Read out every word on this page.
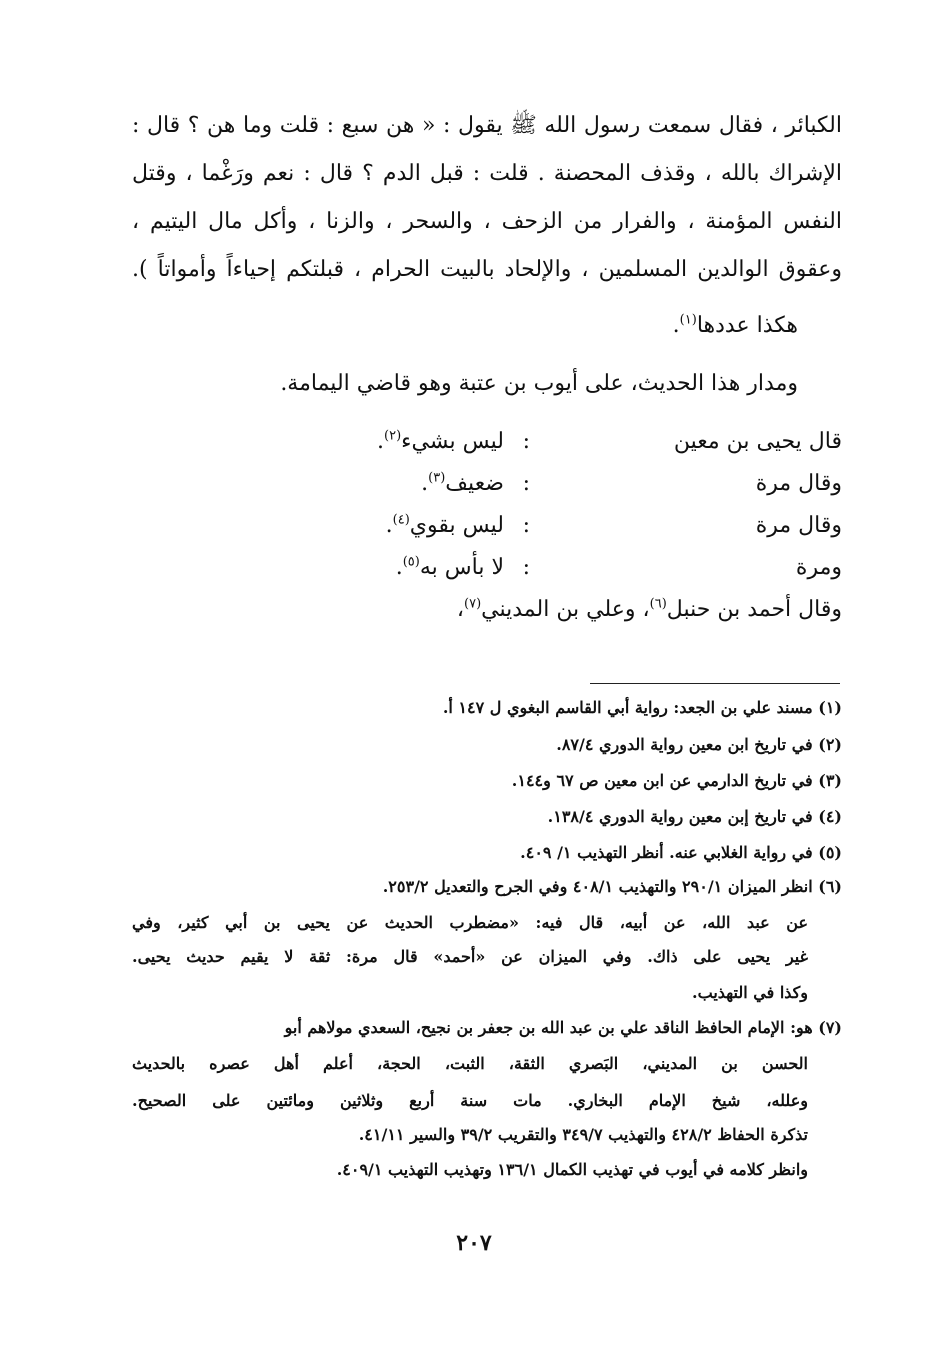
الكبائر ، فقال سمعت رسول الله ﷺ يقول : « هن سبع : قلت وما هن ؟ قال :
الإشراك بالله ، وقذف المحصنة . قلت : قبل الدم ؟ قال : نعم ورَغْما ، وقتل
النفس المؤمنة ، والفرار من الزحف ، والسحر ، والزنا ، وأكل مال اليتيم ،
وعقوق الوالدين المسلمين ، والإلحاد بالبيت الحرام ، قبلتكم إحياءاً وأمواتاً ).
هكذا عددها$^{(١)}$.
ومدار هذا الحديث، على أيوب بن عتبة وهو قاضي اليمامة.
قال يحيى بن معين
:
ليس بشيء$^{(٢)}$.
وقال مرة
:
ضعيف$^{(٣)}$.
وقال مرة
:
ليس بقوي$^{(٤)}$.
ومرة
:
لا بأس به$^{(٥)}$.
وقال أحمد بن حنبل$^{(٦)}$، وعلي بن المديني$^{(٧)}$،
(١) مسند علي بن الجعد: رواية أبي القاسم البغوي ل ١٤٧ أ.
(٢) في تاريخ ابن معين رواية الدوري ٨٧/٤.
(٣) في تاريخ الدارمي عن ابن معين ص ٦٧ و١٤٤.
(٤) في تاريخ إبن معين رواية الدوري ١٣٨/٤.
(٥) في رواية الغلابي عنه. أنظر التهذيب ١/ ٤٠٩.
(٦) انظر الميزان ٢٩٠/١ والتهذيب ٤٠٨/١ وفي الجرح والتعديل ٢٥٣/٢.
عن عبد الله، عن أبيه، قال فيه: «مضطرب الحديث عن يحيى بن أبي كثير، وفي
غير يحيى على ذاك. وفي الميزان عن «أحمد» قال مرة: ثقة لا يقيم حديث يحيى.
وكذا في التهذيب.
(٧) هو: الإمام الحافظ الناقد علي بن عبد الله بن جعفر بن نجيح، السعدي مولاهم أبو
الحسن بن المديني، البَصري الثقة، الثبت، الحجة، أعلم أهل عصره بالحديث
وعلله، شيخ الإمام البخاري. مات سنة أربع وثلاثين ومائتين على الصحيح.
تذكرة الحفاظ ٤٢٨/٢ والتهذيب ٣٤٩/٧ والتقريب ٣٩/٢ والسير ٤١/١١.
وانظر كلامه في أيوب في تهذيب الكمال ١٣٦/١ وتهذيب التهذيب ٤٠٩/١.
٢٠٧
